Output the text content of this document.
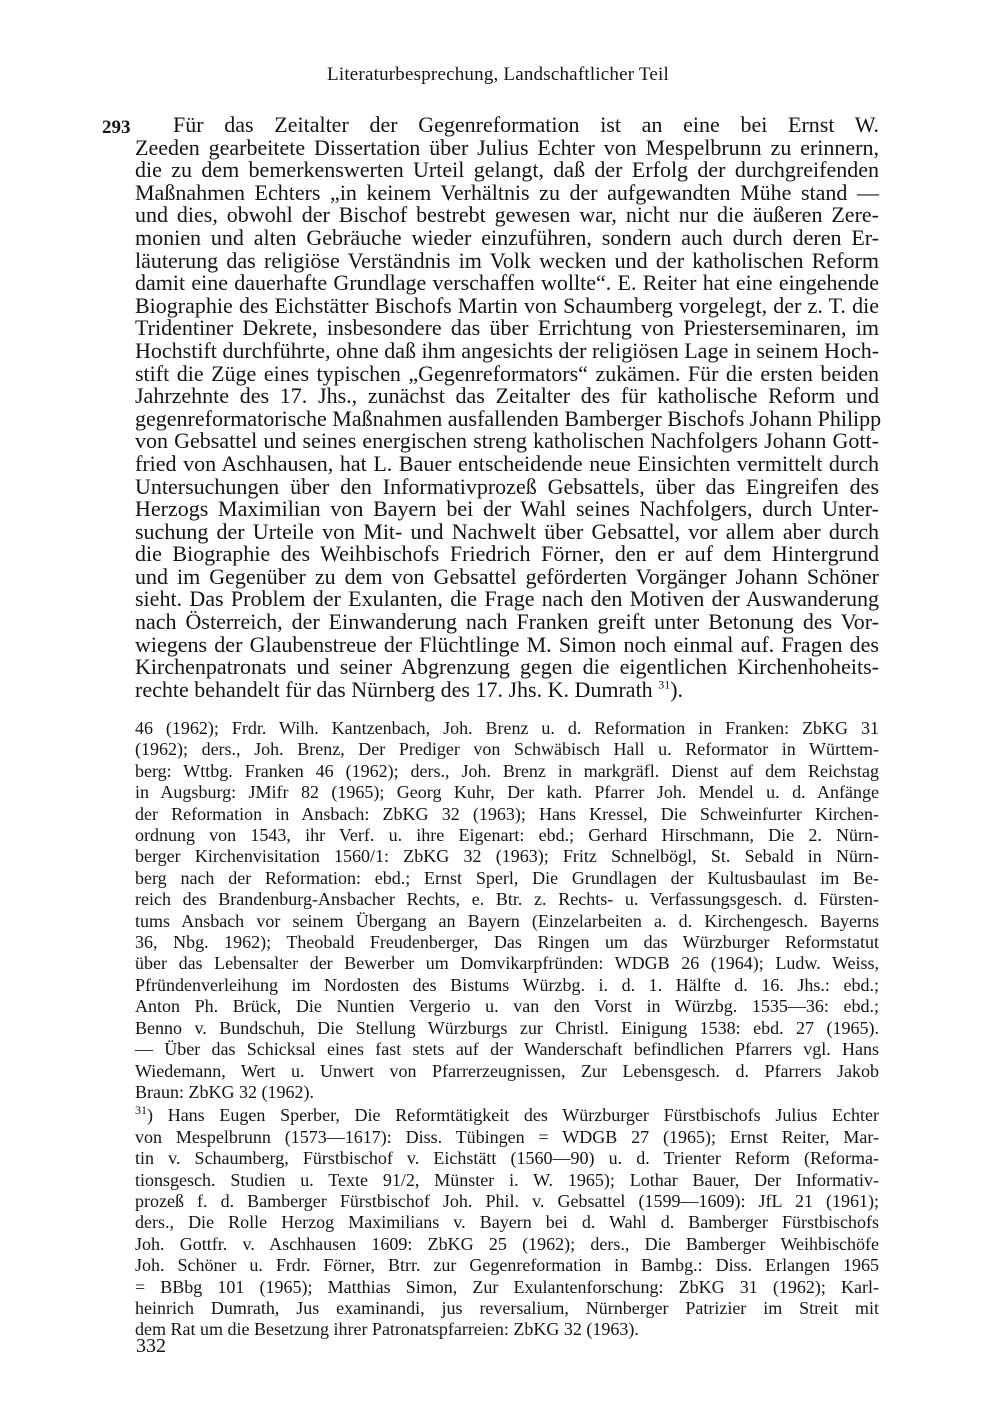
Literaturbesprechung, Landschaftlicher Teil
293	Für das Zeitalter der Gegenreformation ist an eine bei Ernst W.
Zeeden gearbeitete Dissertation über Julius Echter von Mespelbrunn zu erinnern,
die zu dem bemerkenswerten Urteil gelangt, daß der Erfolg der durchgreifenden
Maßnahmen Echters „in keinem Verhältnis zu der aufgewandten Mühe stand —
und dies, obwohl der Bischof bestrebt gewesen war, nicht nur die äußeren Zere-
monien und alten Gebräuche wieder einzuführen, sondern auch durch deren Er-
läuterung das religiöse Verständnis im Volk wecken und der katholischen Reform
damit eine dauerhafte Grundlage verschaffen wollte“. E. Reiter hat eine eingehende
Biographie des Eichstätter Bischofs Martin von Schaumberg vorgelegt, der z. T. die
Tridentiner Dekrete, insbesondere das über Errichtung von Priesterseminaren, im
Hochstift durchführte, ohne daß ihm angesichts der religiösen Lage in seinem Hoch-
stift die Züge eines typischen „Gegenreformators“ zukämen. Für die ersten beiden
Jahrzehnte des 17. Jhs., zunächst das Zeitalter des für katholische Reform und
gegenreformatorische Maßnahmen ausfallenden Bamberger Bischofs Johann Philipp
von Gebsattel und seines energischen streng katholischen Nachfolgers Johann Gott-
fried von Aschhausen, hat L. Bauer entscheidende neue Einsichten vermittelt durch
Untersuchungen über den Informativprozeß Gebsattels, über das Eingreifen des
Herzogs Maximilian von Bayern bei der Wahl seines Nachfolgers, durch Unter-
suchung der Urteile von Mit- und Nachwelt über Gebsattel, vor allem aber durch
die Biographie des Weihbischofs Friedrich Förner, den er auf dem Hintergrund
und im Gegenüber zu dem von Gebsattel geförderten Vorgänger Johann Schöner
sieht. Das Problem der Exulanten, die Frage nach den Motiven der Auswanderung
nach Österreich, der Einwanderung nach Franken greift unter Betonung des Vor-
wiegens der Glaubenstreue der Flüchtlinge M. Simon noch einmal auf. Fragen des
Kirchenpatronats und seiner Abgrenzung gegen die eigentlichen Kirchenhoheits-
rechte behandelt für das Nürnberg des 17. Jhs. K. Dumrath $^{31}$).
46 (1962); Frdr. Wilh. Kantzenbach, Joh. Brenz u. d. Reformation in Franken: ZbKG 31
(1962); ders., Joh. Brenz, Der Prediger von Schwäbisch Hall u. Reformator in Württem-
berg: Wttbg. Franken 46 (1962); ders., Joh. Brenz in markgräfl. Dienst auf dem Reichstag
in Augsburg: JMifr 82 (1965); Georg Kuhr, Der kath. Pfarrer Joh. Mendel u. d. Anfänge
der Reformation in Ansbach: ZbKG 32 (1963); Hans Kressel, Die Schweinfurter Kirchen-
ordnung von 1543, ihr Verf. u. ihre Eigenart: ebd.; Gerhard Hirschmann, Die 2. Nürn-
berger Kirchenvisitation 1560/1: ZbKG 32 (1963); Fritz Schnelbögl, St. Sebald in Nürn-
berg nach der Reformation: ebd.; Ernst Sperl, Die Grundlagen der Kultusbaulast im Be-
reich des Brandenburg-Ansbacher Rechts, e. Btr. z. Rechts- u. Verfassungsgesch. d. Fürsten-
tums Ansbach vor seinem Übergang an Bayern (Einzelarbeiten a. d. Kirchengesch. Bayerns
36, Nbg. 1962); Theobald Freudenberger, Das Ringen um das Würzburger Reformstatut
über das Lebensalter der Bewerber um Domvikarpfründen: WDGB 26 (1964); Ludw. Weiss,
Pfründenverleihung im Nordosten des Bistums Würzbg. i. d. 1. Hälfte d. 16. Jhs.: ebd.;
Anton Ph. Brück, Die Nuntien Vergerio u. van den Vorst in Würzbg. 1535—36: ebd.;
Benno v. Bundschuh, Die Stellung Würzburgs zur Christl. Einigung 1538: ebd. 27 (1965).
— Über das Schicksal eines fast stets auf der Wanderschaft befindlichen Pfarrers vgl. Hans
Wiedemann, Wert u. Unwert von Pfarrerzeugnissen, Zur Lebensgesch. d. Pfarrers Jakob
Braun: ZbKG 32 (1962).
$^{31}$) Hans Eugen Sperber, Die Reformtätigkeit des Würzburger Fürstbischofs Julius Echter
von Mespelbrunn (1573—1617): Diss. Tübingen = WDGB 27 (1965); Ernst Reiter, Mar-
tin v. Schaumberg, Fürstbischof v. Eichstätt (1560—90) u. d. Trienter Reform (Reforma-
tionsgesch. Studien u. Texte 91/2, Münster i. W. 1965); Lothar Bauer, Der Informativ-
prozeß f. d. Bamberger Fürstbischof Joh. Phil. v. Gebsattel (1599—1609): JfL 21 (1961);
ders., Die Rolle Herzog Maximilians v. Bayern bei d. Wahl d. Bamberger Fürstbischofs
Joh. Gottfr. v. Aschhausen 1609: ZbKG 25 (1962); ders., Die Bamberger Weihbischöfe
Joh. Schöner u. Frdr. Förner, Btrr. zur Gegenreformation in Bambg.: Diss. Erlangen 1965
= BBbg 101 (1965); Matthias Simon, Zur Exulantenforschung: ZbKG 31 (1962); Karl-
heinrich Dumrath, Jus examinandi, jus reversalium, Nürnberger Patrizier im Streit mit
dem Rat um die Besetzung ihrer Patronatspfarreien: ZbKG 32 (1963).
332
